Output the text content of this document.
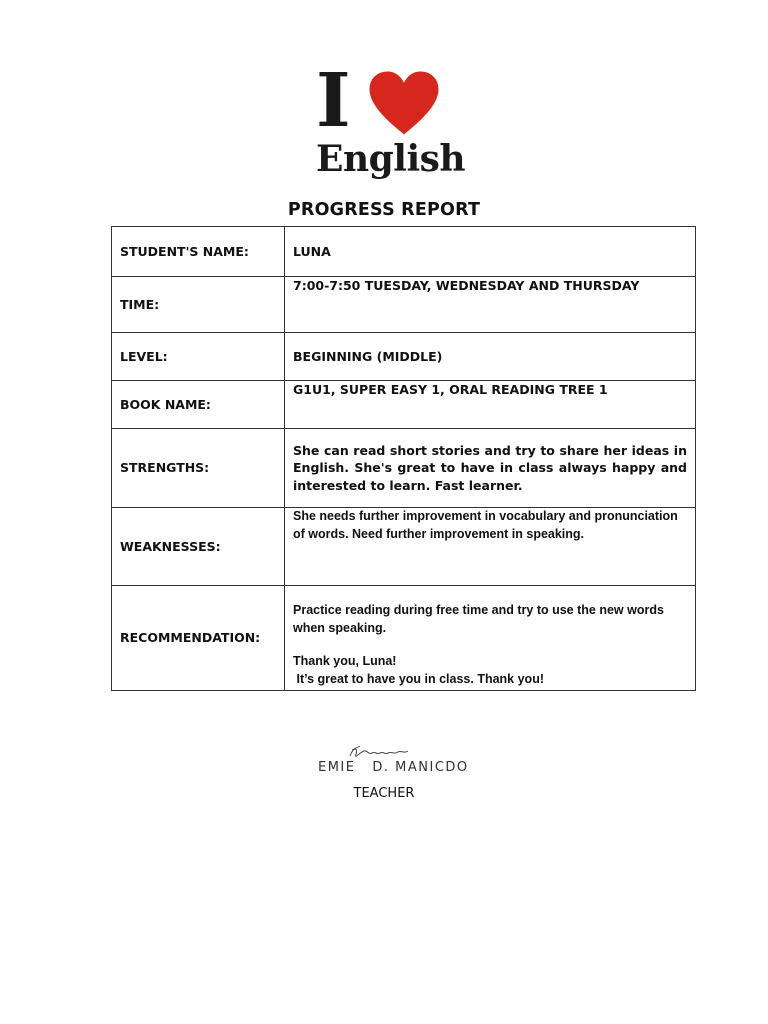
I
English
PROGRESS REPORT
STUDENT'S NAME:	LUNA
TIME:	7:00-7:50 TUESDAY, WEDNESDAY AND THURSDAY
LEVEL:	BEGINNING (MIDDLE)
BOOK NAME:	G1U1, SUPER EASY 1, ORAL READING TREE 1
STRENGTHS:	She can read short stories and try to share her ideas in English. She's great to have in class always happy and interested to learn. Fast learner.
WEAKNESSES:	She needs further improvement in vocabulary and pronunciation of words. Need further improvement in speaking.
RECOMMENDATION:	Practice reading during free time and try to use the new words when speaking.
Thank you, Luna!
It’s great to have you in class. Thank you!
EMIE   D. MANICDO
TEACHER
